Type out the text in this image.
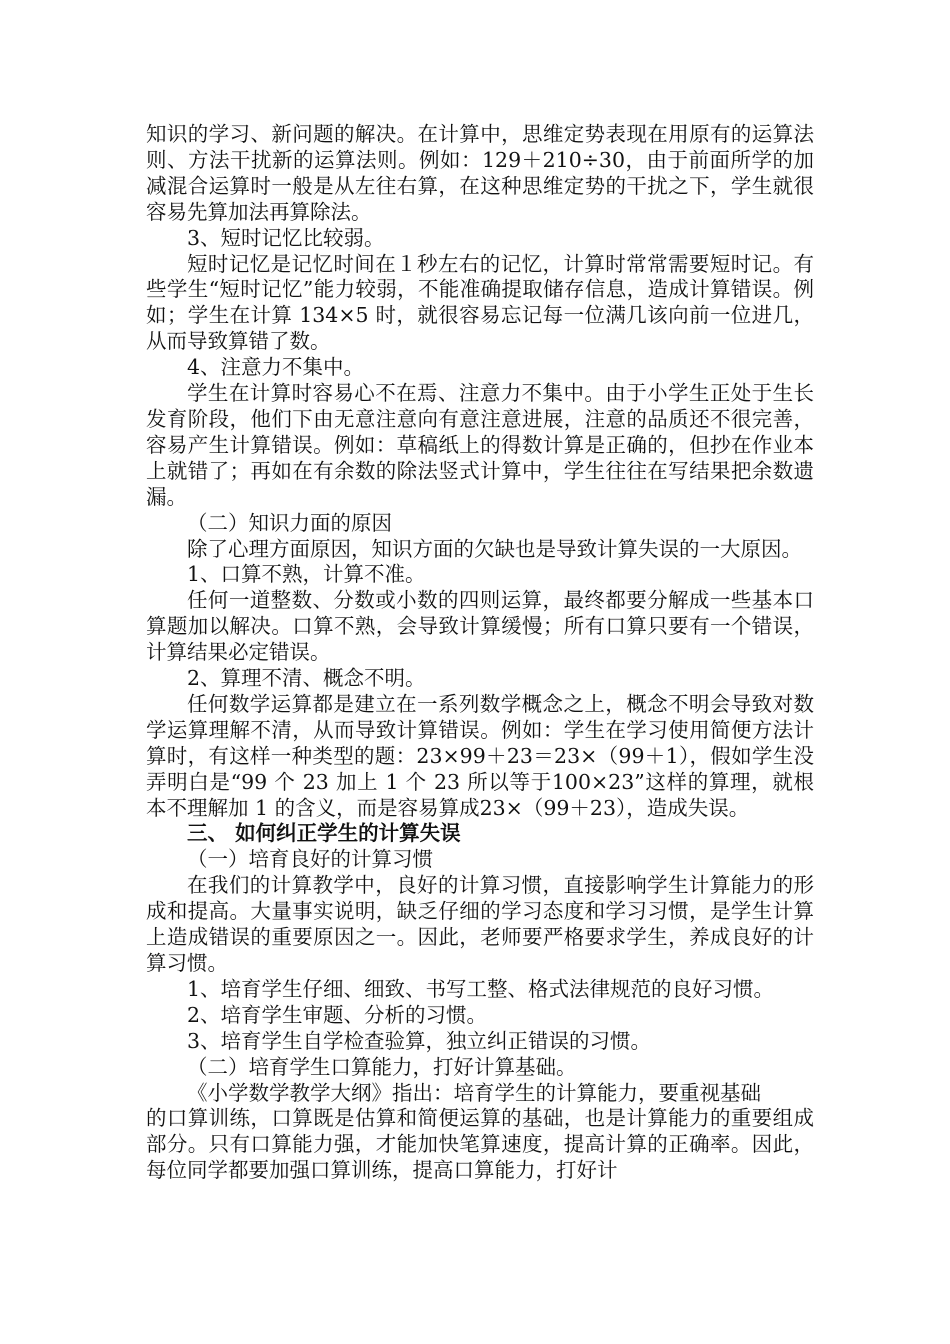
知识的学习、新问题的解决。在计算中，思维定势表现在用原有的运算法则、方法干扰新的运算法则。例如：129＋210÷30，由于前面所学的加减混合运算时一般是从左往右算，在这种思维定势的干扰之下，学生就很容易先算加法再算除法。

3、短时记忆比较弱。

短时记忆是记忆时间在１秒左右的记忆，计算时常常需要短时记。有些学生“短时记忆”能力较弱，不能准确提取储存信息，造成计算错误。例如；学生在计算 134×5 时，就很容易忘记每一位满几该向前一位进几，从而导致算错了数。

4、注意力不集中。

学生在计算时容易心不在焉、注意力不集中。由于小学生正处于生长发育阶段，他们下由无意注意向有意注意进展，注意的品质还不很完善，容易产生计算错误。例如：草稿纸上的得数计算是正确的，但抄在作业本上就错了；再如在有余数的除法竖式计算中，学生往往在写结果把余数遗漏。

（二）知识力面的原因

除了心理方面原因，知识方面的欠缺也是导致计算失误的一大原因。

1、口算不熟，计算不准。

任何一道整数、分数或小数的四则运算，最终都要分解成一些基本口算题加以解决。口算不熟，会导致计算缓慢；所有口算只要有一个错误，计算结果必定错误。

2、算理不清、概念不明。

任何数学运算都是建立在一系列数学概念之上，概念不明会导致对数学运算理解不清，从而导致计算错误。例如：学生在学习使用简便方法计算时，有这样一种类型的题：23×99＋23＝23×（99＋1），假如学生没弄明白是“99 个 23 加上 1 个 23 所以等于100×23”这样的算理，就根本不理解加 1 的含义，而是容易算成23×（99＋23），造成失误。

三、 如何纠正学生的计算失误

（一）培育良好的计算习惯

在我们的计算教学中，良好的计算习惯，直接影响学生计算能力的形成和提高。大量事实说明，缺乏仔细的学习态度和学习习惯，是学生计算上造成错误的重要原因之一。因此，老师要严格要求学生，养成良好的计算习惯。

1、培育学生仔细、细致、书写工整、格式法律规范的良好习惯。

2、培育学生审题、分析的习惯。

3、培育学生自学检查验算，独立纠正错误的习惯。

（二）培育学生口算能力，打好计算基础。

《小学数学教学大纲》指出：培育学生的计算能力，要重视基础

的口算训练，口算既是估算和简便运算的基础，也是计算能力的重要组成部分。只有口算能力强，才能加快笔算速度，提高计算的正确率。因此，每位同学都要加强口算训练，提高口算能力，打好计
